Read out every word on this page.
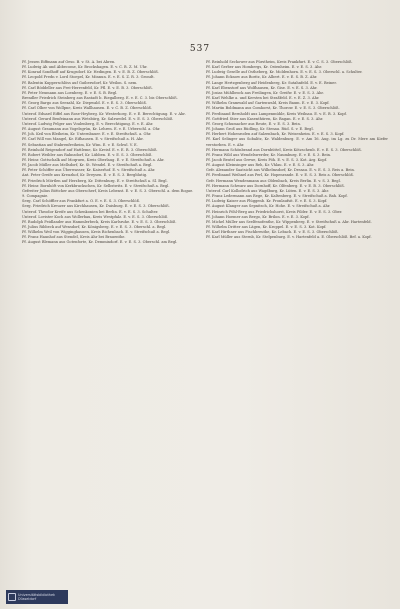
537

Pf. Jessen Eiffmann auf Oeso. B. v. St. A. bei Ahren.

Pf. Ludwig Ah und Abbecome, Kr. Brockshagen. E. v. C. B. Z. M. Uhr.

Pf. Konrad Sondhoff auf Krugsdorf. Kr. Hedingen. E. v. E. B. Z. Oberschlöß.

Pf. Leopold Fredn v. Lord Stoepel, Kr. Minnun. E. v. E. S. Z. R. 3. Grondt.

Pf. Balentin Kupperschlöss auf Guibersdorf, Kr. Weilon. S. nem.

Pf. Carl Böddeller aus Frei-Herrenfeld, Kr. Pfl. E. v. E. B. 3. Oberschlöß.

Pf. Peter Neumann aus Loenberg. E. v. E. S. B. Begl.

Brendler Friedrich Steinberg aus Rastadt b. Riegalberg. E. v. E. C. 3. bis Oberschlöß.

Pf. Georg Bargo aus Seezahl, Kr. Diepwald. E. v. E. S. 3. Oberschlöß.

Pf. Carl Olber von Wollpne, Kreis Wallhausen. E. v. C. B. Z. Oberschlöß.

Unterof. Eduard Eiffel aus Rose-Heyberg. Kr. Westerhorg. E. v. E. Berechtigung. E. v. Ahr.

Unterof. Gerard Benfeinann aus Wetsbürg, Kr. Salzwedel. E. v. E. S. 3. Oberschlöß.

Unterof. Ludwig Pelger aus Voulenberg, E. v. Berechtigung. E. v. E. Ahr.

Pf. August Graumann aus Vogelsgrün, Kr. Lehren. E. v. E. Urberschl. a. Ohr.

Pf. Joh. Keil von Bleiheim, Kr. Unternbauer. E. v. E. Streifschuß. a. Ohr.

Pf. Carl Will von Mangel, Kr. Eifhausen. E. v. Streifschuß a. H. Ahr.

Pf. Sebastian auf Stabrenfreiheim, Kr. Wim. E. v. E. Schwl. V. E.

Pf. Reinhold Reigendorf auf Hattleme, Kr. Kreisf. E. v. E. R. 3. Oberschlöß.

Pf. Robert Weibler aus Rahnsdorf, Kr. Lübben. E. v. E. S. 3. Oberschlöß.

Pf. Heinr. Gottschalk auf Moqruen, Kreis Oberlaug. E. v. E. Streifschuß a. Ahr.

Pf. Jacob Müller aus Mellsdorf, Kr. St. Wendel. E. v. Streifschuß a. Begl.

Pf. Peter Schöffer aus Überwasser, Kr. Kaiserhof. E. v. Streifschuß a. Ahr.

Ant. Peter Greife aus Kreuzhof, Kr. Dreysen. E. v. E. S. 3. Bergblutig.

Pf. Friedrich Mörtlen auf Herzberg, Kr. Dittenburg. E. v. Streifschuß a. Sl. Begl.

Pf. Heinr. Bornhöft von Kerkbruckschen, Kr. Selbstwitz. E. v. Streifschuß a. Begl.

Gefreiter Julius Böttcher aus Oberscherf, Kreis Lebenst. E. v. E. S. 3. Oberschl. a. dem Rogue.

9. Compagnie.

Serg. Carl Schöffler aus Frankfurt a. O. E. v. E. S. 3. Oberschlöß.

Serg. Friedrich Kreuzer aus Kirchhausen, Kr. Duisburg. E. v. E. S. 3. Oberschlöß.

Unterof. Theodor Kreife aus Schenkonien bei Berlin. E. v. E. S. 3. Schulter.

Unterof. Lovister Koch aus Wollerbau, Kreis Westpfalz. E. v. E. S. 3. Oberschlöß.

Pf. Rudolph Feidlander aus Hammlerbeck, Kreis Karlsruhe. E. v. E. S. 3. Oberschlöß.

Pf. Julius Ribbeck auf Wensdorf, Kr. Königsberg. E. v. E. S. 3. Oberschl. a. Begl.

Pf. Wilhelm Weil von Wigginghausen, Kreis Richenbach. E. v. Streifschuß a. Begl.

Pf. Franz Haunhof aus Stendel, Kreis Ahr bei Brauenthe.

Pf. August Blemann aus Gotenforte, Kr. Demmindorf. E. v. E. S. 3. Oberschl. am Begl.

Pf. Reinhold Sechower aus Fürstheim, Kreis Frankfurt. E. v. C. S. 3. Oberschlöß.

Pf. Karl Gerber aus Hombergs, Kr. Ostenheim. E. v. E. S. 3. Ahr.

Pf. Ludwig Geselle auf Ostheberg, Kr. Moldenhorn. E. v. E. S. 3. Oberschl. a. Schulter.

Pf. Johann Ecknow aus Boritz, Kr. Albert. E. v. E. S. B. Z. Ahr.

Pf. Lange Hertzgenberg auf Heidenberg, Kr. Sutahnfeld. E. v. E. Beiner.

Pf. Karl Ebenstorf aus Wolfhausen, Kr. Gise. E. v. E. S. 3. Ahr.

Pf. Josias Mühlbrock aus Freilingen, Kr. Greifw. E. v. E. S. 3. Ahr.

Pf. Karl Wehlke a. und Kersten bei Straßfeld. E. v. E. Z. 3. Ahr.

Pf. Wilhelm Gramwald auf Gartenwald, Kreis Baum. E. v. E. 3. Kopf.

Pf. Martin Boldmann aus Comhorst, Kr. Thorow. E. v. E. S. 3. Oberschlöß.

Pf. Ferdinand Bernholdt aus Lampenmühle, Kreis Weilnau. E. v. E. B. 3. Kopf.

Pf. Gottfried Stier aus Kasenthüren, Kr. Bagan. E. v. E. S. 3. Ahr.

Pf. Georg Schumacher aus Reute, E. v. E. S. 3. Bein.

Pf. Johann Groß aus Rüdling, Kr. Stenau. Rüd. S. v. E. Begl.

Pf. Herbert Hohenroden auf Salzenbach, Kr. Weisenheim. E. v. E. S. 3. Kopf.

Pf. Karl Selinger aus Sobalitz, Kr. Waldenburg. E. v. Am 16. Aug. im Lg. zu Dr. Mere am Kiefer verstorben. E. v. Ahr.

Pf. Hermann Schönbrand aus Dornbüttel, Kreis Kötzschenb. E. v. E. S. 3. Oberschlöß.

Pf. Franz Wild aus Wendelswerder, Kr. Naumburg. E. v. E. S. 3. Bein.

Pf. Jacob Beutel aus Grewe, Kreis Pöh. E. v. E. S. 3. Kot. Arg. Kopf.

Pf. August Kleinsinger aus Reh, Kr. Vhlau. E. v. E. S. 3. Ahr.

Gefr. Alexander Saatsicht aus Wilhelmsdorf, Kr. Dessau. E. v. E. S. 3. Reis a. Bein.

Pf. Ferdinand Weihnel aus Perl, Kr. Hopenrande. E. v. E. S. 3. Reis a. Oberschlöß.

Gefr. Hermann Wendenmann aus Oldenbach, Kreis Berlin. E. v. S. 3. Begl.

Pf. Hermann Schwarz aus Dornhoff, Kr. Olfenberg. E. v. E. B. 3. Oberschlöß.

Unterof. Carl Kollodrich aus Wagdburg, Kr. Lüten. E. v. E. S. 3. Ahr.

Pf. Franz Ledermann aus Rege, Kr. Kaltenberg. E. v. Streifschuß a. Bah. Kopf.

Pf. Ludwig Kaiser aus Plüggenb. Kr. Fronlaufsit. E. v. E. S. 3. Kopf.

Pf. August Klanger aus Sepnitsch, Kr. Hohe. E. v. Streifschuß a. Ahr.

Pf. Heinrich Pöhl-Berg aus Friedrichshorst, Kreis Filder. E. v. E. S. 3. Ober.

Pf. Johann Hoemer aus Bergo, Kr. Brilon. E. v. E. 3. Kopf.

Pf. Michel Müller aus Seelfenofenthe, Kr. Wippenberg. E. v. Streifschuß a. Ahr. Hartenfeld.

Pf. Wilhelm Dritter aus Lägen, Kr. Kroppel. E. v. E. S. 3. Kot. Kopf.

Pf. Karl Hirthner aus Fischbreuthe, Kr. Lebach. E. v. E. S. 3. Oberschlöß.

Pf. Karl Müller aus Sternb, Kr. Stelpenburg. E. v. Hartenfeld a. E. Oberschlöß. Bef. a. Kopf.

Universitätsbibliothek
Düsseldorf
